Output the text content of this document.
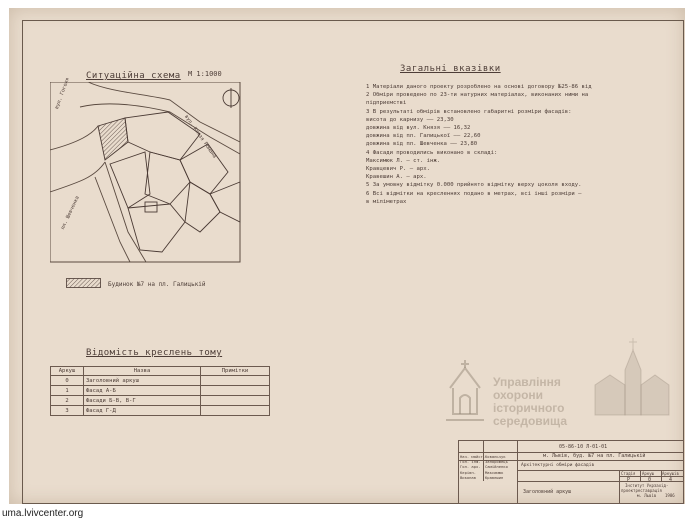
Ситуаційна схема М 1:1000
вул. Гоголя
вул. Князя Романа
пл. Шевченка
Будинок №7 на пл. Галицькій
Загальні вказівки
1 Матеріали даного проекту розроблено на основі договору №25-86 від
2 Обміри проведено по 23-ти натурних матеріалах, виконаних ними на
підприємстві
3 В результаті обмірів встановлено габаритні розміри фасадів:
висота до карнизу —— 23,30
довжина від вул. Князя —— 16,32
довжина від пл. Галицької —— 22,60
довжина від пл. Шевченка —— 23,80
4 Фасади проводились виконано в складі:
Максимюк Л. — ст. інж.
Кравцевич Р. — арх.
Кравешин А. — арх.
5 За умовну відмітку 0.000 прийнято відмітку верху цоколя входу.
6 Всі відмітки на кресленнях подано в метрах, всі інші розміри —
в міліметрах
Відомість креслень тому
Аркуш	Назва	Примітки
0	Заголовний аркуш	
1	Фасад А-Б	
2	Фасади Б-В, В-Г	
3	Фасад Г-Д	
Управління
охорони
історичного
середовища
05-86-10 Л-01-01
м. Львів, буд. №7 на пл. Галицькій
Архітектурні обміри фасадів
Заголовний аркуш
Стадія Аркуш Аркушів
Р	0	4
Інститут Укрзахід-
проектреставрація
м. Львів 1986
Нач. майст. Ковальчук
Гол. інж. Запорожець
Гол. арх. Самійленко
Керівн. Максимюк
Виконав Кравешин
uma.lvivcenter.org
